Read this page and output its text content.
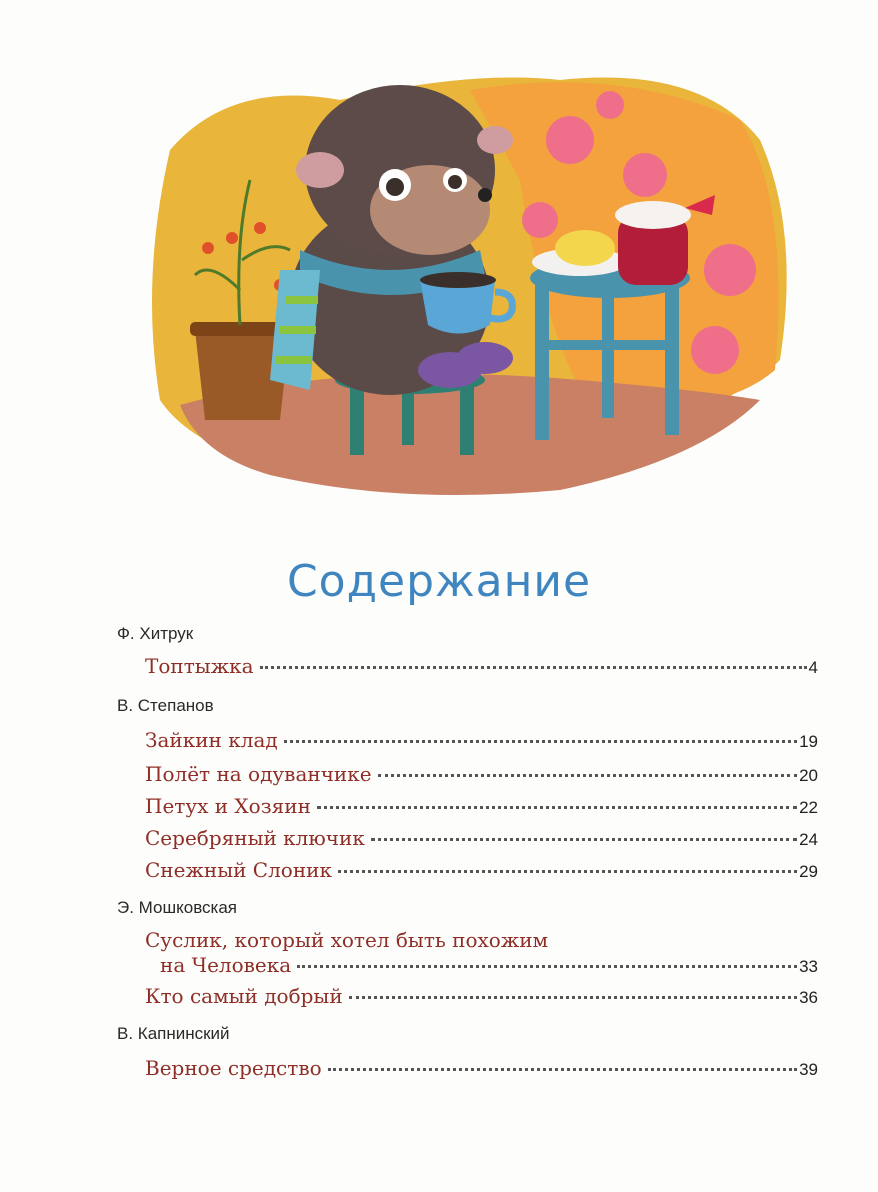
Содержание
Ф. Хитрук
Топтыжка	4
В. Степанов
Зайкин клад	19
Полёт на одуванчике	20
Петух и Хозяин	22
Серебряный ключик	24
Снежный Слоник	29
Э. Мошковская
Суслик, который хотел быть похожим
на Человека	33
Кто самый добрый	36
В. Капнинский
Верное средство	39
